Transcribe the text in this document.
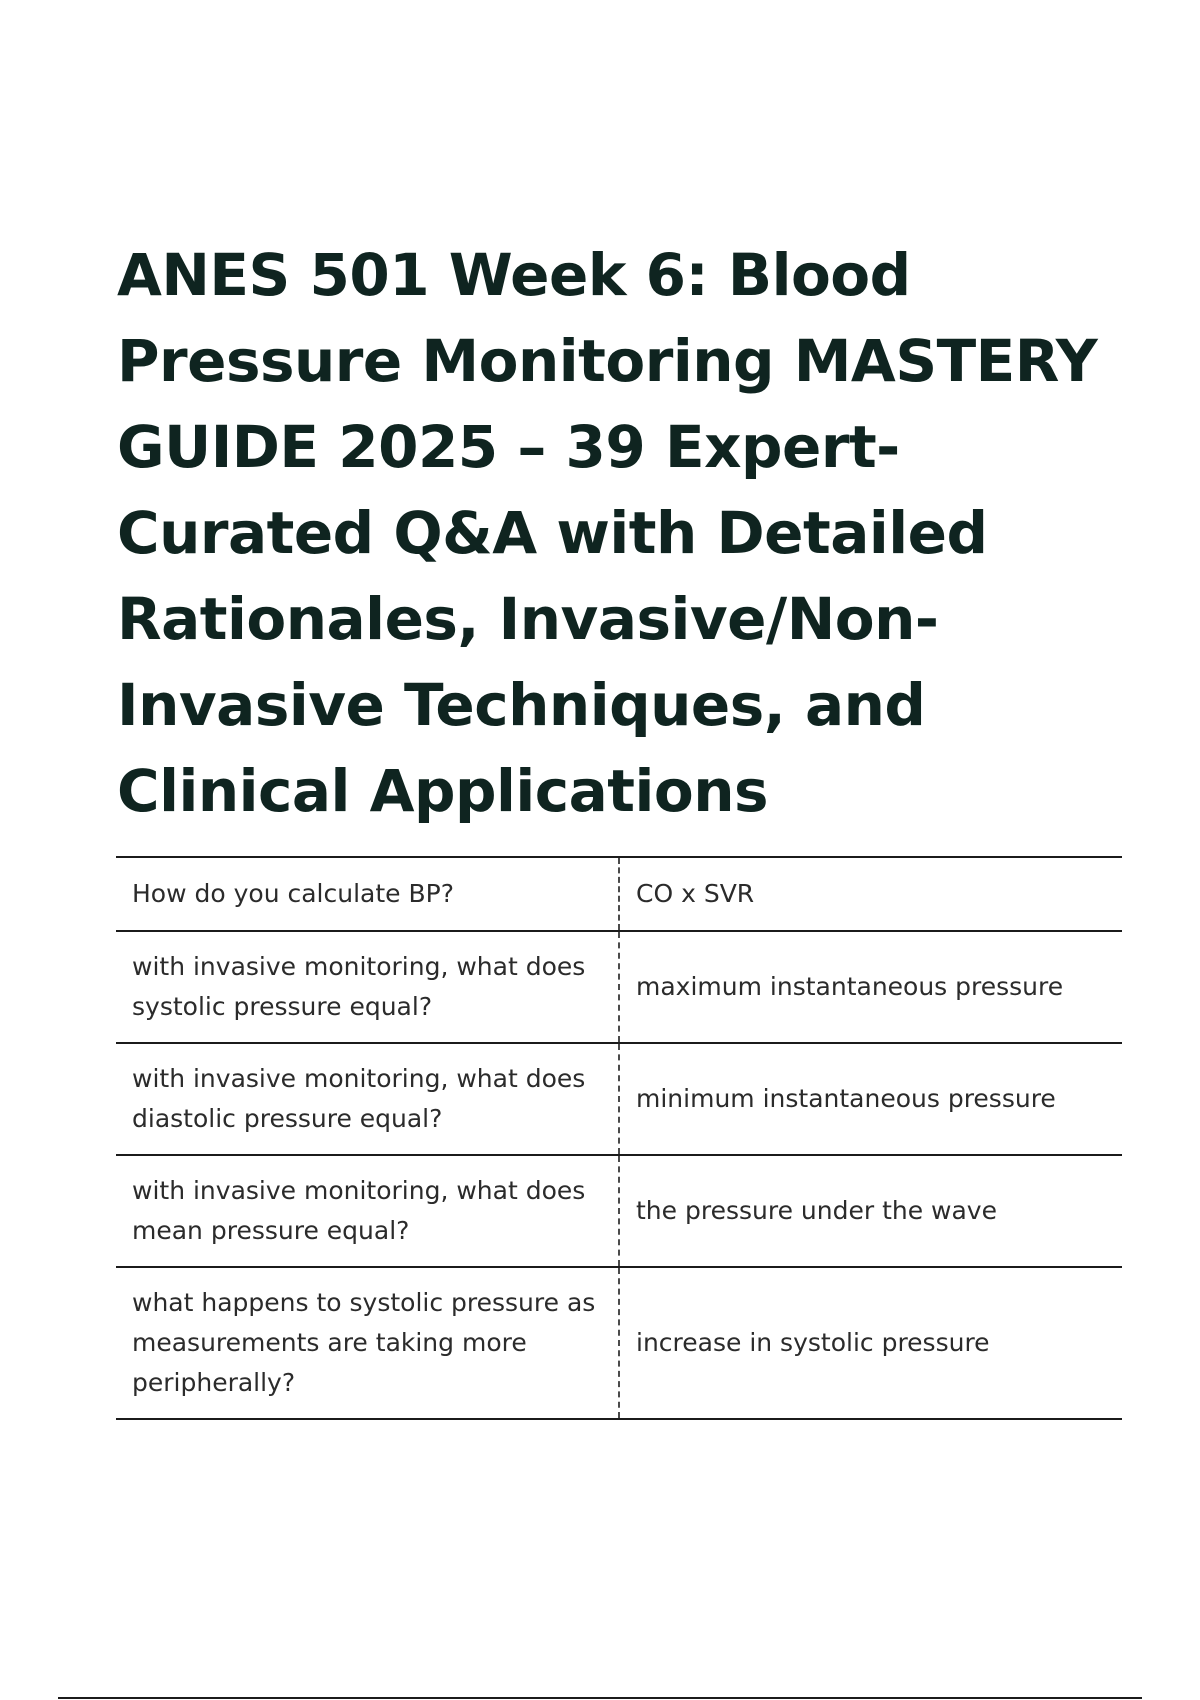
ANES 501 Week 6: Blood Pressure Monitoring MASTERY GUIDE 2025 – 39 Expert-Curated Q&A with Detailed Rationales, Invasive/Non-Invasive Techniques, and Clinical Applications
How do you calculate BP?	CO x SVR
with invasive monitoring, what does systolic pressure equal?	maximum instantaneous pressure
with invasive monitoring, what does diastolic pressure equal?	minimum instantaneous pressure
with invasive monitoring, what does mean pressure equal?	the pressure under the wave
what happens to systolic pressure as measurements are taking more peripherally?	increase in systolic pressure
